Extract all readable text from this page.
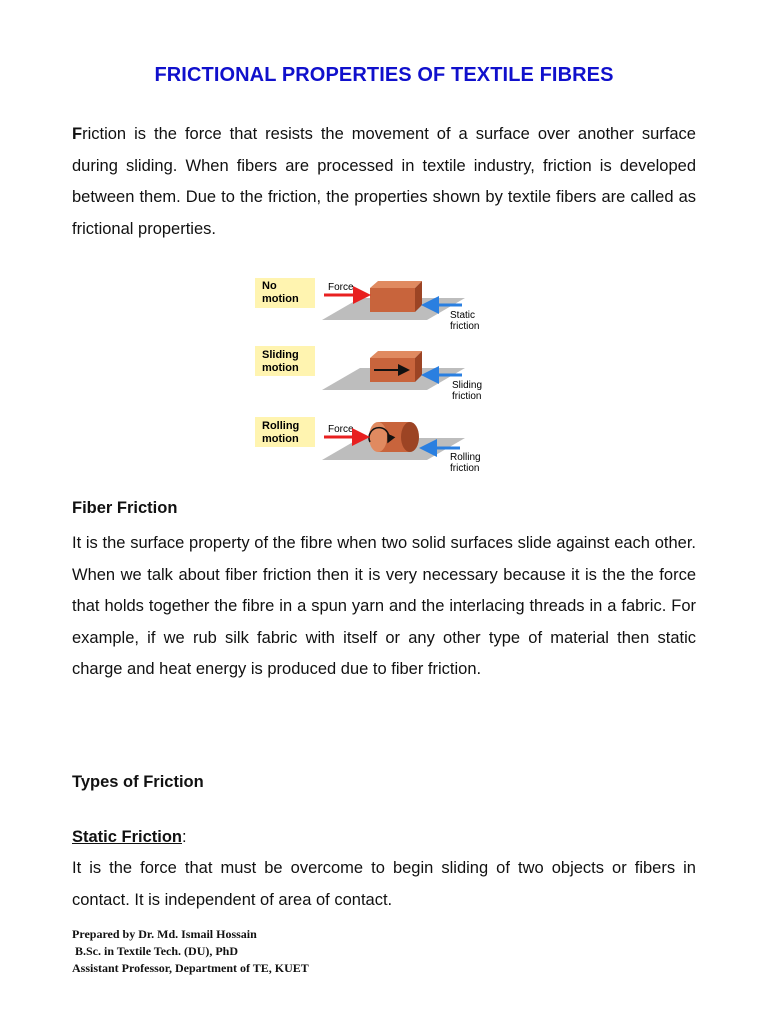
FRICTIONAL PROPERTIES OF TEXTILE FIBRES
Friction is the force that resists the movement of a surface over another surface during sliding. When fibers are processed in textile industry, friction is developed between them. Due to the friction, the properties shown by textile fibers are called as frictional properties.
No
motion
Force
Static
friction
Sliding
motion
Sliding
friction
Rolling
motion
Force
Rolling
friction
Fiber Friction
It is the surface property of the fibre when two solid surfaces slide against each other. When we talk about fiber friction then it is very necessary because it is the the force that holds together the fibre in a spun yarn and the interlacing threads in a fabric. For example, if we rub silk fabric with itself or any other type of material then static charge and heat energy is produced due to fiber friction.
Types of Friction
Static Friction:
It is the force that must be overcome to begin sliding of two objects or fibers in contact. It is independent of area of contact.
Prepared by Dr. Md. Ismail Hossain
B.Sc. in Textile Tech. (DU), PhD
Assistant Professor, Department of TE, KUET
